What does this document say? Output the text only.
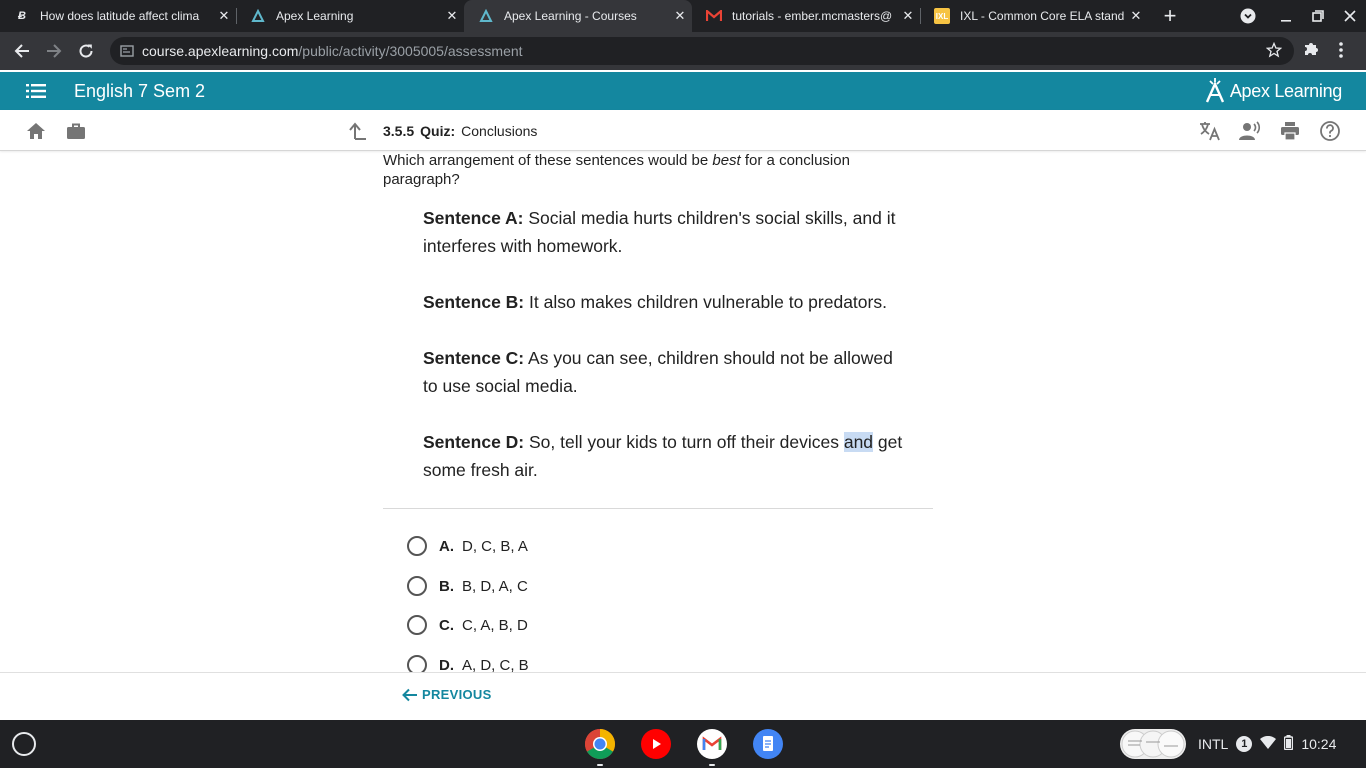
Ƀ	How does latitude affect clima	✕	Apex Learning	✕	Apex Learning - Courses	✕	tutorials - ember.mcmasters@ ✕	IXL IXL - Common Core ELA stand ✕ +
course.apexlearning.com/public/activity/3005005/assessment
English 7 Sem 2	Apex Learning
3.5.5 Quiz: Conclusions
Which arrangement of these sentences would be best for a conclusion paragraph?

Sentence A: Social media hurts children's social skills, and it interferes with homework.

Sentence B: It also makes children vulnerable to predators.

Sentence C: As you can see, children should not be allowed to use social media.

Sentence D: So, tell your kids to turn off their devices and get some fresh air.

A. D, C, B, A
B. B, D, A, C
C. C, A, B, D
D. A, D, C, B
PREVIOUS
INTL	1	10:24
